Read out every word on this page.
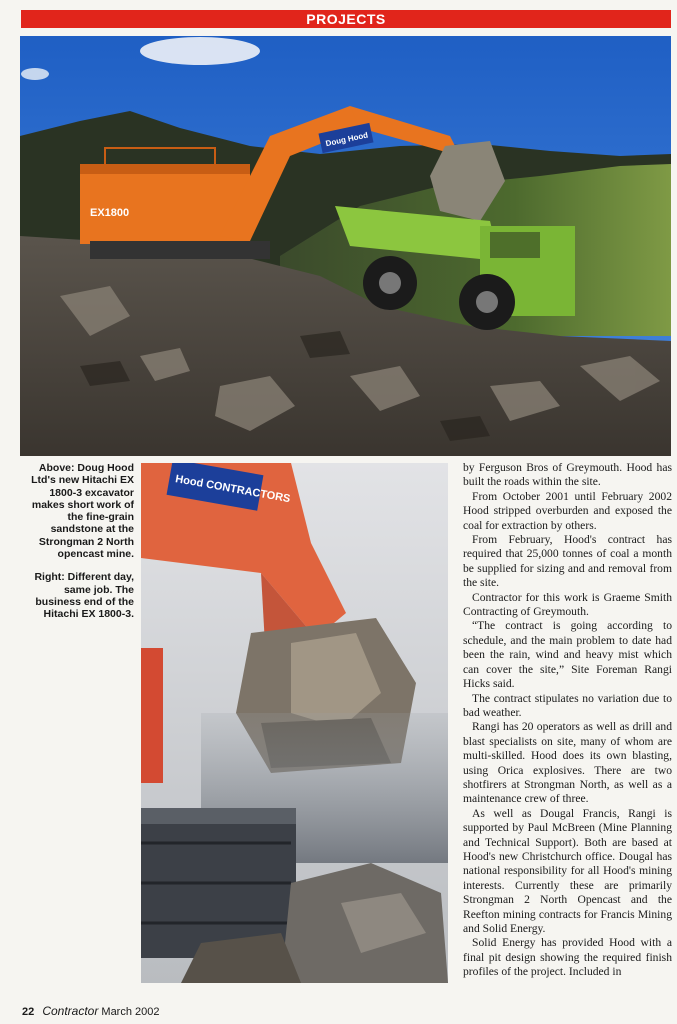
PROJECTS
EX1800
Doug Hood

Above: Doug Hood Ltd's new Hitachi EX 1800-3 excavator makes short work of the fine-grain sandstone at the Strongman 2 North opencast mine.

Right: Different day, same job. The business end of the Hitachi EX 1800-3.

Hood CONTRACTORS

by Ferguson Bros of Greymouth. Hood has built the roads within the site.

From October 2001 until February 2002 Hood stripped overburden and exposed the coal for extraction by others.

From February, Hood's contract has required that 25,000 tonnes of coal a month be supplied for sizing and and removal from the site.

Contractor for this work is Graeme Smith Contracting of Greymouth.

“The contract is going according to schedule, and the main problem to date had been the rain, wind and heavy mist which can cover the site,” Site Foreman Rangi Hicks said.

The contract stipulates no variation due to bad weather.

Rangi has 20 operators as well as drill and blast specialists on site, many of whom are multi-skilled. Hood does its own blasting, using Orica explosives. There are two shotfirers at Strongman North, as well as a maintenance crew of three.

As well as Dougal Francis, Rangi is supported by Paul McBreen (Mine Planning and Technical Support). Both are based at Hood's new Christchurch office. Dougal has national responsibility for all Hood's mining interests. Currently these are primarily Strongman 2 North Opencast and the Reefton mining contracts for Francis Mining and Solid Energy.

Solid Energy has provided Hood with a final pit design showing the required finish profiles of the project. Included in

22 Contractor March 2002
